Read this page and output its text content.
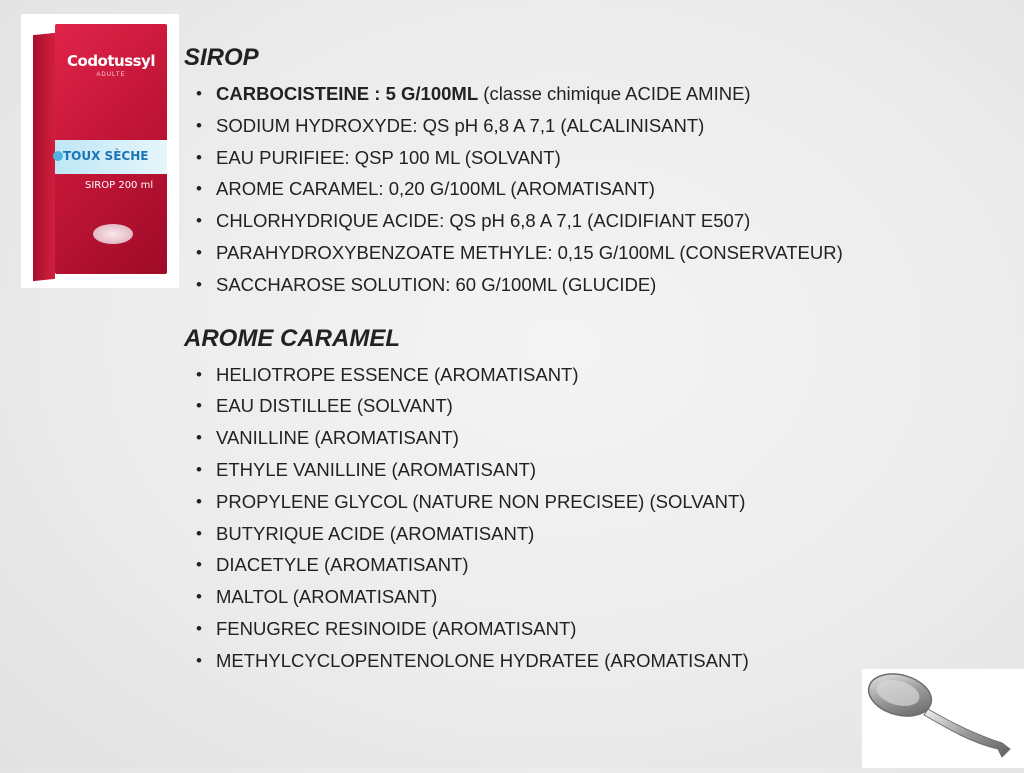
Codotussyl
ADULTE
TOUX SÈCHE
SIROP 200 ml
SIROP
• CARBOCISTEINE : 5 G/100ML (classe chimique ACIDE AMINE)
• SODIUM HYDROXYDE: QS pH 6,8 A 7,1 (ALCALINISANT)
• EAU PURIFIEE: QSP 100 ML (SOLVANT)
• AROME CARAMEL: 0,20 G/100ML (AROMATISANT)
• CHLORHYDRIQUE ACIDE: QS pH 6,8 A 7,1 (ACIDIFIANT E507)
• PARAHYDROXYBENZOATE METHYLE: 0,15 G/100ML (CONSERVATEUR)
• SACCHAROSE SOLUTION: 60 G/100ML (GLUCIDE)
AROME CARAMEL
• HELIOTROPE ESSENCE (AROMATISANT)
• EAU DISTILLEE (SOLVANT)
• VANILLINE (AROMATISANT)
• ETHYLE VANILLINE (AROMATISANT)
• PROPYLENE GLYCOL (NATURE NON PRECISEE) (SOLVANT)
• BUTYRIQUE ACIDE (AROMATISANT)
• DIACETYLE (AROMATISANT)
• MALTOL (AROMATISANT)
• FENUGREC RESINOIDE (AROMATISANT)
• METHYLCYCLOPENTENOLONE HYDRATEE (AROMATISANT)
